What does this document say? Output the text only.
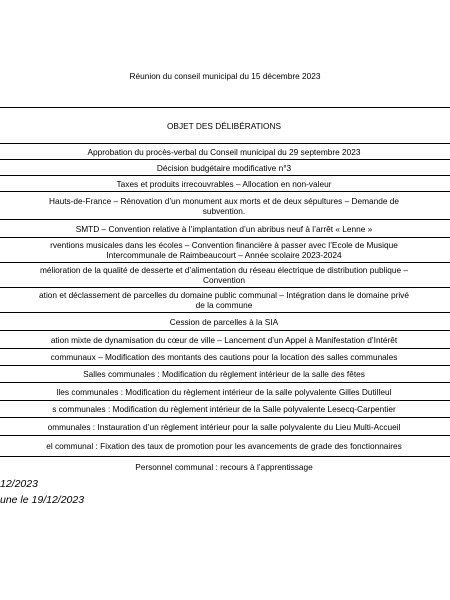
Réunion du conseil municipal du 15 décembre 2023
OBJET DES DÉLIBÉRATIONS
Approbation du procès-verbal du Conseil municipal du 29 septembre 2023
Décision budgétaire modificative n°3
Taxes et produits irrecouvrables – Allocation en non-valeur
Hauts-de-France – Rénovation d’un monument aux morts et de deux sépultures – Demande de
subvention.
SMTD – Convention relative à l’implantation d’un abribus neuf à l’arrêt « Lenne »
rventions musicales dans les écoles – Convention financière à passer avec l’Ecole de Musique
Intercommunale de Raimbeaucourt – Année scolaire 2023-2024
mélioration de la qualité de desserte et d’alimentation du réseau électrique de distribution publique –
Convention
ation et déclassement de parcelles du domaine public communal – Intégration dans le domaine privé
de la commune
Cession de parcelles à la SIA
ation mixte de dynamisation du cœur de ville – Lancement d’un Appel à Manifestation d’Intérêt
communaux – Modification des montants des cautions pour la location des salles communales
Salles communales : Modification du règlement intérieur de la salle des fêtes
lles communales : Modification du règlement intérieur de la salle polyvalente Gilles Dutilleul
s communales : Modification du règlement intérieur de la Salle polyvalente Lesecq-Carpentier
ommunales : Instauration d’un règlement intérieur pour la salle polyvalente du Lieu Multi-Accueil
el communal : Fixation des taux de promotion pour les avancements de grade des fonctionnaires
Personnel communal : recours à l’apprentissage
12/2023
une le 19/12/2023
